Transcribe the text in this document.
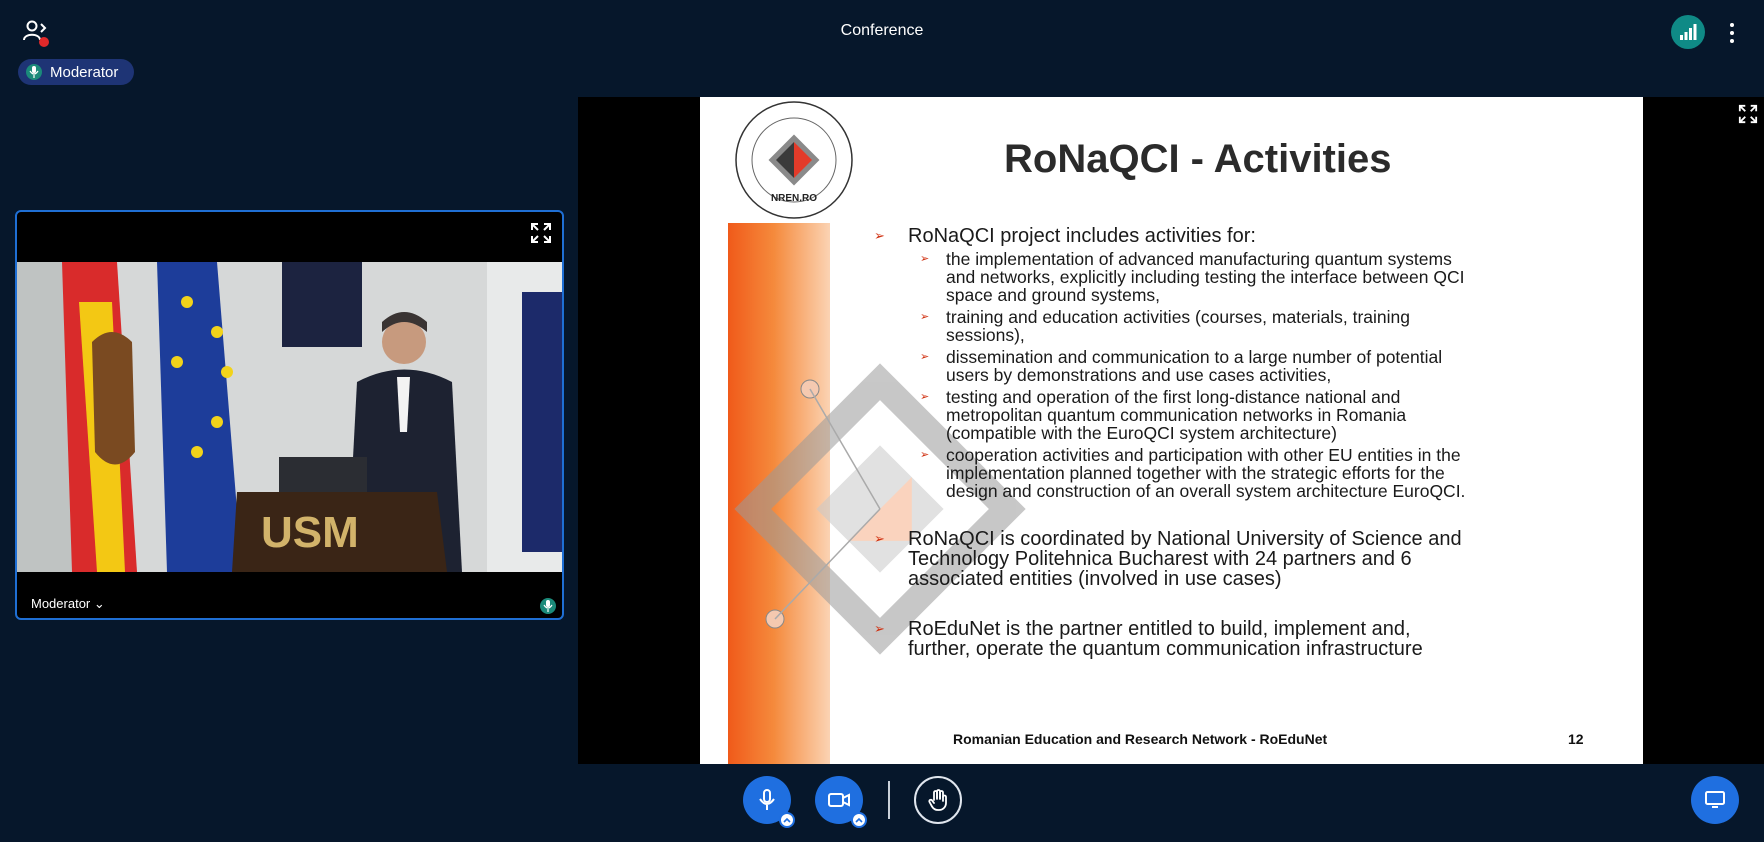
Conference
Moderator
USM
Moderator ⌄
NREN.RO
RoNaQCI - Activities
➢ RoNaQCI project includes activities for:
➢ the implementation of advanced manufacturing quantum systems
and networks, explicitly including testing the interface between QCI
space and ground systems,
➢ training and education activities (courses, materials, training
sessions),
➢ dissemination and communication to a large number of potential
users by demonstrations and use cases activities,
➢ testing and operation of the first long-distance national and
metropolitan quantum communication networks in Romania
(compatible with the EuroQCI system architecture)
➢ cooperation activities and participation with other EU entities in the
implementation planned together with the strategic efforts for the
design and construction of an overall system architecture EuroQCI.
➢ RoNaQCI is coordinated by National University of Science and
Technology Politehnica Bucharest with 24 partners and 6
associated entities (involved in use cases)
➢ RoEduNet is the partner entitled to build, implement and,
further, operate the quantum communication infrastructure
Romanian Education and Research Network - RoEduNet	12
